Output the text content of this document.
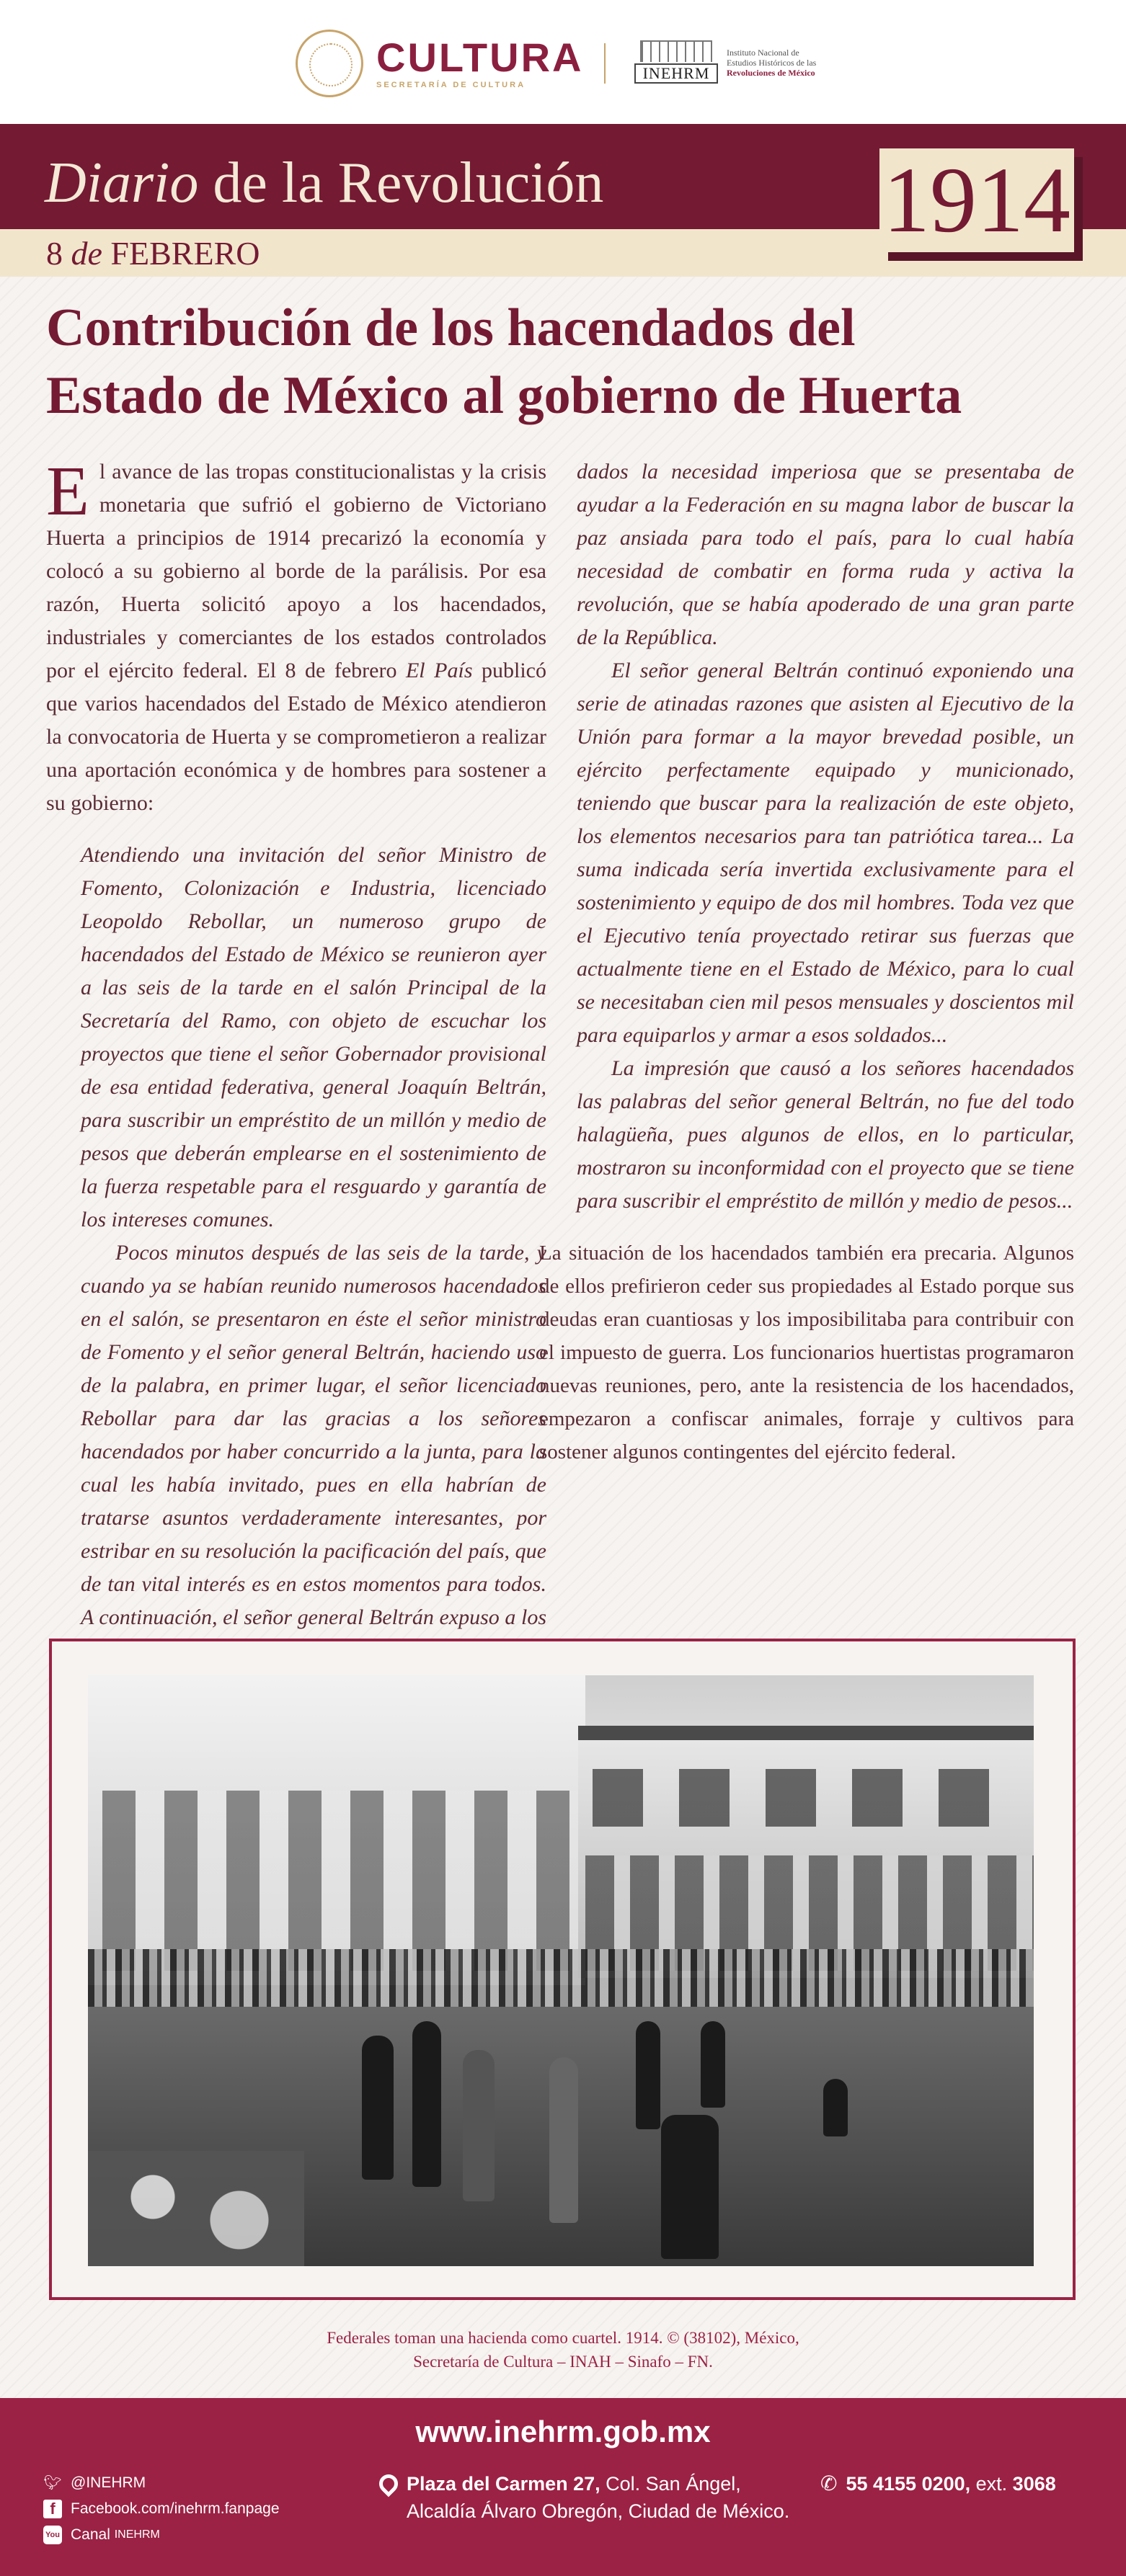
CULTURA
SECRETARÍA DE CULTURA
INEHRM
Instituto Nacional de
Estudios Históricos de las
Revoluciones de México
Diario de la Revolución
8 de FEBRERO
1914
Contribución de los hacendados del
Estado de México al gobierno de Huerta

El avance de las tropas constitucionalistas y la crisis monetaria que sufrió el gobierno de Victoriano Huerta a principios de 1914 precarizó la economía y colocó a su gobierno al borde de la parálisis. Por esa razón, Huerta solicitó apoyo a los hacendados, industriales y comerciantes de los estados controlados por el ejército federal. El 8 de febrero El País publicó que varios hacendados del Estado de México atendieron la convocatoria de Huerta y se comprometieron a realizar una aportación económica y de hombres para sostener a su gobierno:

Atendiendo una invitación del señor Ministro de Fomento, Colonización e Industria, licenciado Leopoldo Rebollar, un numeroso grupo de hacendados del Estado de México se reunieron ayer a las seis de la tarde en el salón Principal de la Secretaría del Ramo, con objeto de escuchar los proyectos que tiene el señor Gobernador provisional de esa entidad federativa, general Joaquín Beltrán, para suscribir un empréstito de un millón y medio de pesos que deberán emplearse en el sostenimiento de la fuerza respetable para el resguardo y garantía de los intereses comunes.

Pocos minutos después de las seis de la tarde, y cuando ya se habían reunido numerosos hacendados en el salón, se presentaron en éste el señor ministro de Fomento y el señor general Beltrán, haciendo uso de la palabra, en primer lugar, el señor licenciado Rebollar para dar las gracias a los señores hacendados por haber concurrido a la junta, para la cual les había invitado, pues en ella habrían de tratarse asuntos verdaderamente interesantes, por estribar en su resolución la pacificación del país, que de tan vital interés es en estos momentos para todos. A continuación, el señor general Beltrán expuso a los

dados la necesidad imperiosa que se presentaba de ayudar a la Federación en su magna labor de buscar la paz ansiada para todo el país, para lo cual había necesidad de combatir en forma ruda y activa la revolución, que se había apoderado de una gran parte de la República.

El señor general Beltrán continuó exponiendo una serie de atinadas razones que asisten al Ejecutivo de la Unión para formar a la mayor brevedad posible, un ejército perfectamente equipado y municionado, teniendo que buscar para la realización de este objeto, los elementos necesarios para tan patriótica tarea... La suma indicada sería invertida exclusivamente para el sostenimiento y equipo de dos mil hombres. Toda vez que el Ejecutivo tenía proyectado retirar sus fuerzas que actualmente tiene en el Estado de México, para lo cual se necesitaban cien mil pesos mensuales y doscientos mil para equiparlos y armar a esos soldados...

La impresión que causó a los señores hacendados las palabras del señor general Beltrán, no fue del todo halagüeña, pues algunos de ellos, en lo particular, mostraron su inconformidad con el proyecto que se tiene para suscribir el empréstito de millón y medio de pesos...

La situación de los hacendados también era precaria. Algunos de ellos prefirieron ceder sus propiedades al Estado porque sus deudas eran cuantiosas y los imposibilitaba para contribuir con el impuesto de guerra. Los funcionarios huertistas programaron nuevas reuniones, pero, ante la resistencia de los hacendados, empezaron a confiscar animales, forraje y cultivos para sostener algunos contingentes del ejército federal.

Federales toman una hacienda como cuartel. 1914. © (38102), México,
Secretaría de Cultura – INAH – Sinafo – FN.
www.inehrm.gob.mx
🐦︎ @INEHRM
f	Facebook.com/inehrm.fanpage
You Tube
Canal
INEHRM
Plaza del Carmen 27, Col. San Ángel,
Alcaldía Álvaro Obregón, Ciudad de México.
✆ 55 4155 0200, ext. 3068
